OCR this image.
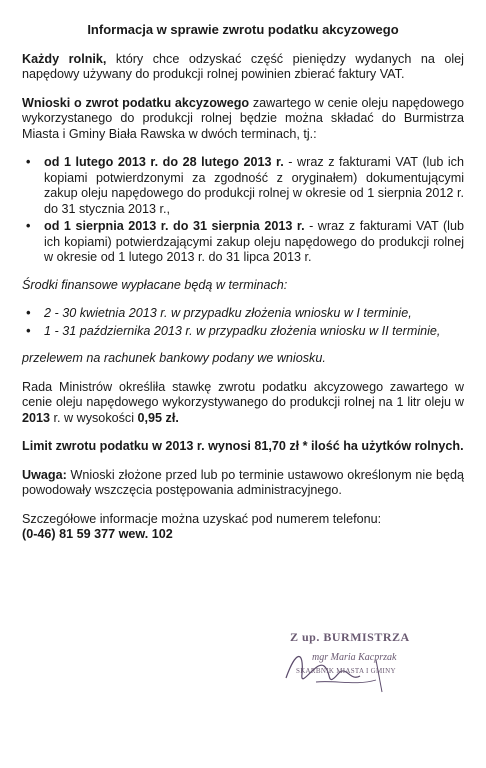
Informacja w sprawie zwrotu podatku akcyzowego

Każdy rolnik, który chce odzyskać część pieniędzy wydanych na olej napędowy używany do produkcji rolnej powinien zbierać faktury VAT.

Wnioski o zwrot podatku akcyzowego zawartego w cenie oleju napędowego wykorzystanego do produkcji rolnej będzie można składać do Burmistrza Miasta i Gminy Biała Rawska w dwóch terminach, tj.:

• od 1 lutego 2013 r. do 28 lutego 2013 r. - wraz z fakturami VAT (lub ich kopiami potwierdzonymi za zgodność z oryginałem) dokumentującymi zakup oleju napędowego do produkcji rolnej w okresie od 1 sierpnia 2012 r. do 31 stycznia 2013 r.,
• od 1 sierpnia 2013 r. do 31 sierpnia 2013 r. - wraz z fakturami VAT (lub ich kopiami) potwierdzającymi zakup oleju napędowego do produkcji rolnej w okresie od 1 lutego 2013 r. do 31 lipca 2013 r.

Środki finansowe wypłacane będą w terminach:

• 2 - 30 kwietnia 2013 r. w przypadku złożenia wniosku w I terminie,
• 1 - 31 października 2013 r. w przypadku złożenia wniosku w II terminie,

przelewem na rachunek bankowy podany we wniosku.

Rada Ministrów określiła stawkę zwrotu podatku akcyzowego zawartego w cenie oleju napędowego wykorzystywanego do produkcji rolnej na 1 litr oleju w 2013 r. w wysokości 0,95 zł.

Limit zwrotu podatku w 2013 r. wynosi 81,70 zł * ilość ha użytków rolnych.

Uwaga: Wnioski złożone przed lub po terminie ustawowo określonym nie będą powodowały wszczęcia postępowania administracyjnego.

Szczegółowe informacje można uzyskać pod numerem telefonu:
(0-46) 81 59 377 wew. 102

Z up. BURMISTRZA
mgr Maria Kacprzak
SKARBNIK MIASTA I GMINY
